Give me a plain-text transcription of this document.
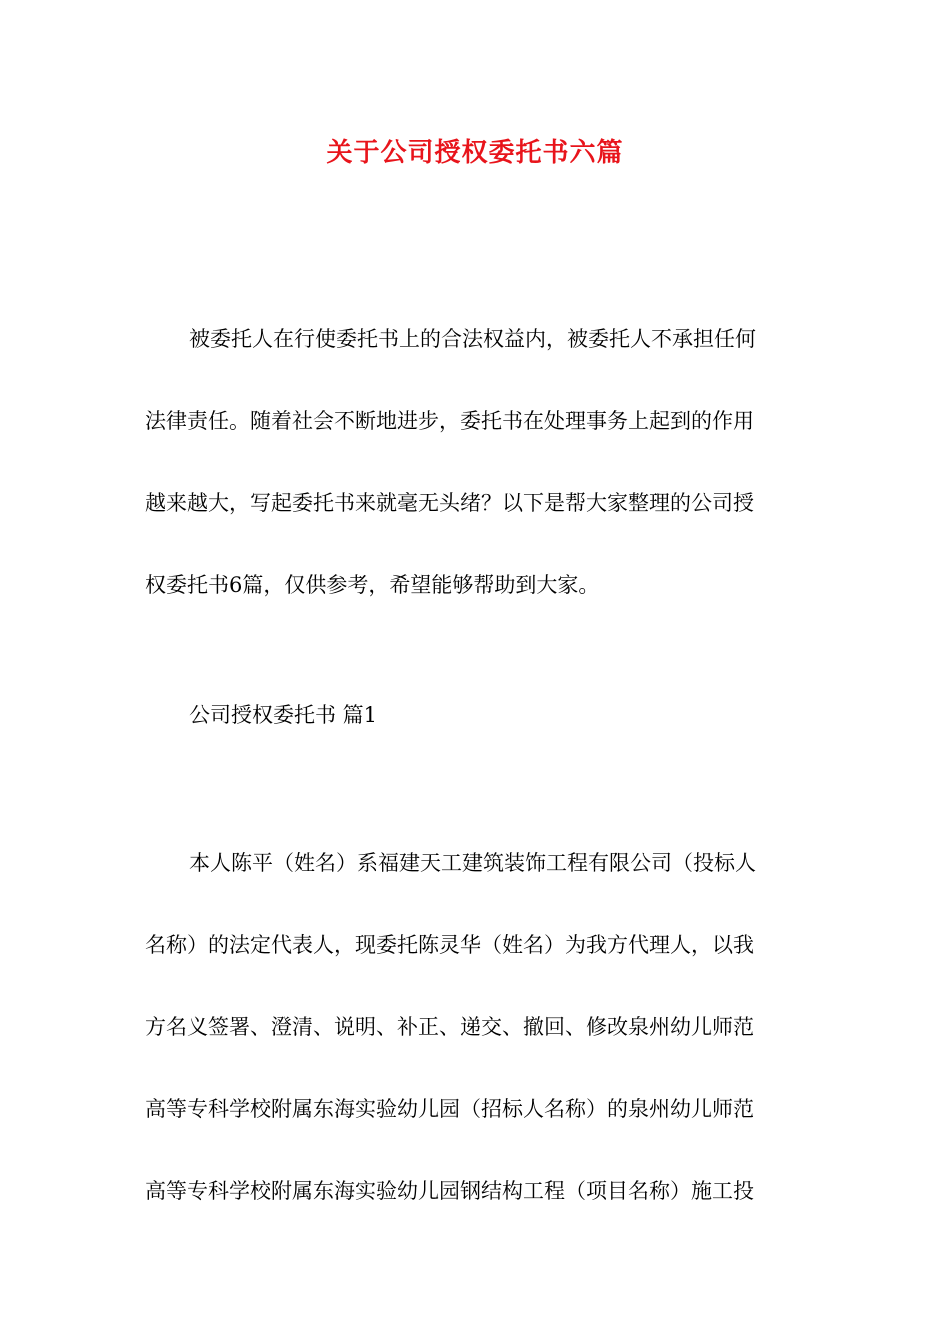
关于公司授权委托书六篇
被委托人在行使委托书上的合法权益内，被委托人不承担任何
法律责任。随着社会不断地进步，委托书在处理事务上起到的作用
越来越大，写起委托书来就毫无头绪？以下是帮大家整理的公司授
权委托书6篇，仅供参考，希望能够帮助到大家。
公司授权委托书 篇1
本人陈平（姓名）系福建天工建筑装饰工程有限公司（投标人
名称）的法定代表人，现委托陈灵华（姓名）为我方代理人，以我
方名义签署、澄清、说明、补正、递交、撤回、修改泉州幼儿师范
高等专科学校附属东海实验幼儿园（招标人名称）的泉州幼儿师范
高等专科学校附属东海实验幼儿园钢结构工程（项目名称）施工投
